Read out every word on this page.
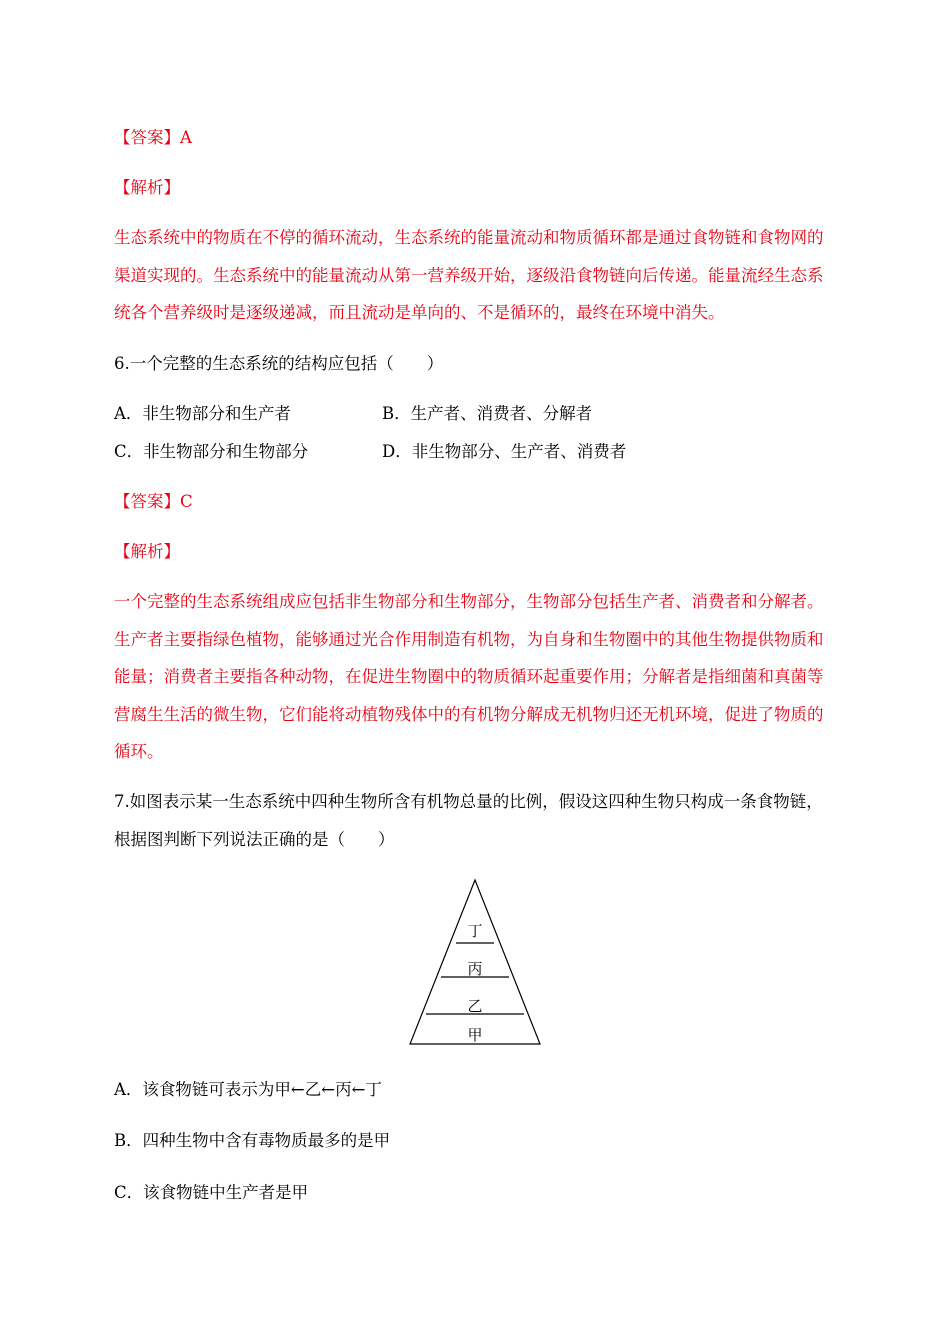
【答案】A
【解析】
生态系统中的物质在不停的循环流动，生态系统的能量流动和物质循环都是通过食物链和食物网的
渠道实现的。生态系统中的能量流动从第一营养级开始，逐级沿食物链向后传递。能量流经生态系
统各个营养级时是逐级递减，而且流动是单向的、不是循环的，最终在环境中消失。
6.一个完整的生态系统的结构应包括（　　）
A．非生物部分和生产者	B．生产者、消费者、分解者
C．非生物部分和生物部分	D．非生物部分、生产者、消费者
【答案】C
【解析】
一个完整的生态系统组成应包括非生物部分和生物部分，生物部分包括生产者、消费者和分解者。
生产者主要指绿色植物，能够通过光合作用制造有机物，为自身和生物圈中的其他生物提供物质和
能量；消费者主要指各种动物，在促进生物圈中的物质循环起重要作用；分解者是指细菌和真菌等
营腐生生活的微生物，它们能将动植物残体中的有机物分解成无机物归还无机环境，促进了物质的
循环。
7.如图表示某一生态系统中四种生物所含有机物总量的比例，假设这四种生物只构成一条食物链，
根据图判断下列说法正确的是（　　）
丁
丙
乙
甲
A．该食物链可表示为甲←乙←丙←丁
B．四种生物中含有毒物质最多的是甲
C．该食物链中生产者是甲
